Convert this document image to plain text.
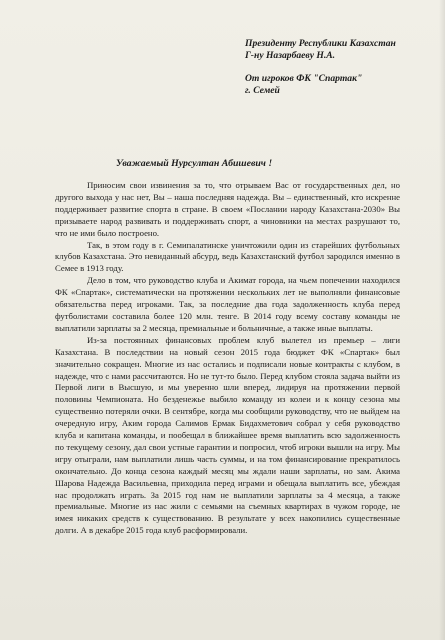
Президенту Республики Казахстан
Г-ну Назарбаеву Н.А.
От игроков ФК "Спартак"
г. Семей
Уважаемый Нурсултан Абишевич !

Приносим свои извинения за то, что отрываем Вас от государственных дел, но другого выхода у нас нет, Вы – наша последняя надежда. Вы – единственный, кто искренне поддерживает развитие спорта в стране. В своем «Послании народу Казахстана-2030» Вы призываете народ развивать и поддерживать спорт, а чиновники на местах разрушают то, что не ими было построено.

Так, в этом году в г. Семипалатинске уничтожили один из старейших футбольных клубов Казахстана. Это невиданный абсурд, ведь Казахстанский футбол зародился именно в Семее в 1913 году.

Дело в том, что руководство клуба и Акимат города, на чьем попечении находился ФК «Спартак», систематически на протяжении нескольких лет не выполняли финансовые обязательства перед игроками. Так, за последние два года задолженность клуба перед футболистами составила более 120 млн. тенге. В 2014 году всему составу команды не выплатили зарплаты за 2 месяца, премиальные и больничные, а также иные выплаты.

Из-за постоянных финансовых проблем клуб вылетел из премьер – лиги Казахстана. В последствии на новый сезон 2015 года бюджет ФК «Спартак» был значительно сокращен. Многие из нас остались и подписали новые контракты с клубом, в надежде, что с нами рассчитаются. Но не тут-то было. Перед клубом стояла задача выйти из Первой лиги в Высшую, и мы уверенно шли вперед, лидируя на протяжении первой половины Чемпионата. Но безденежье выбило команду из колеи и к концу сезона мы существенно потеряли очки. В сентябре, когда мы сообщили руководству, что не выйдем на очередную игру, Аким города Салимов Ермак Бидахметович собрал у себя руководство клуба и капитана команды, и пообещал в ближайшее время выплатить всю задолженность по текущему сезону, дал свои устные гарантии и попросил, чтоб игроки вышли на игру. Мы игру отыграли, нам выплатили лишь часть суммы, и на том финансирование прекратилось окончательно. До конца сезона каждый месяц мы ждали наши зарплаты, но зам. Акима Шарова Надежда Васильевна, приходила перед играми и обещала выплатить все, убеждая нас продолжать играть. За 2015 год нам не выплатили зарплаты за 4 месяца, а также премиальные. Многие из нас жили с семьями на съемных квартирах в чужом городе, не имея никаких средств к существованию. В результате у всех накопились существенные долги. А в декабре 2015 года клуб расформировали.
